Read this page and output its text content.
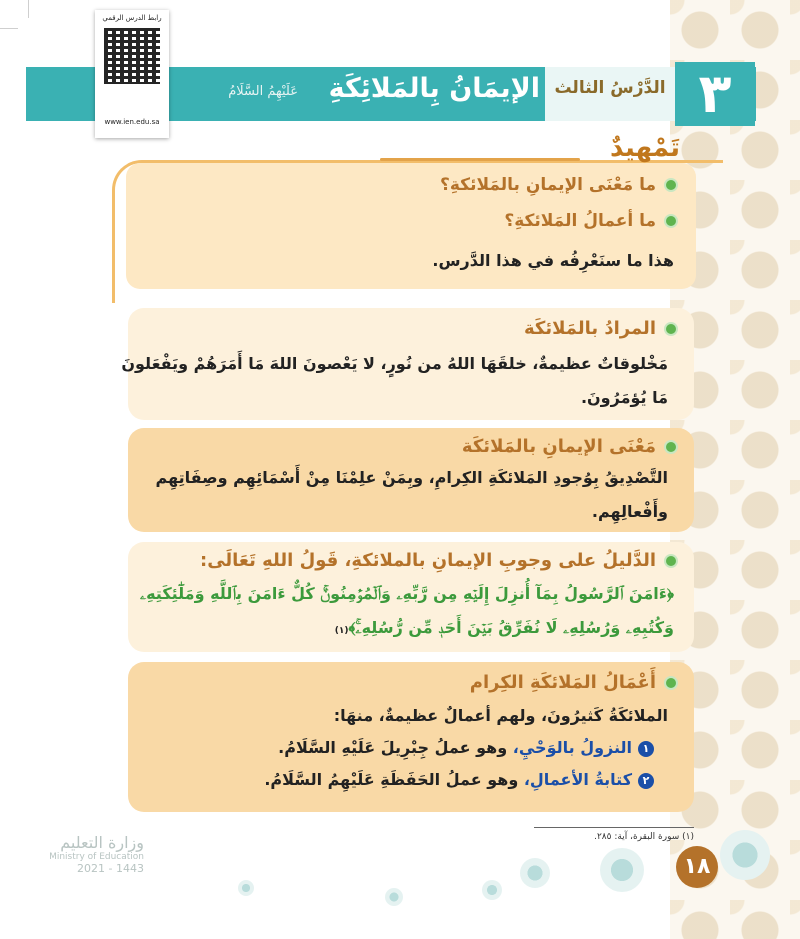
٣
الدَّرْسُ الثالث
الإيمَانُ بِالمَلائِكَةِ
عَلَيْهِمُ السَّلَامُ
رابط الدرس الرقمي
www.ien.edu.sa
تَمْهِيدٌ
ما مَعْنَى الإيمانِ بالمَلائكةِ؟
ما أعمالُ المَلائكةِ؟
هذا ما سنَعْرِفُه في هذا الدَّرس.
المرادُ بالمَلائكَة
مَخْلوقاتٌ عظيمةٌ، خلقَهَا اللهُ من نُورٍ، لا يَعْصونَ اللهَ مَا أَمَرَهُمْ ويَفْعَلونَ
مَا يُؤمَرُونَ.
مَعْنَى الإيمانِ بالمَلائكَة
التَّصْدِيقُ بِوُجودِ المَلائكَةِ الكِرامِ، وبِمَنْ علِمْنَا مِنْ أَسْمَائِهِم وصِفَاتِهِم
وأَفْعالِهِم.
الدَّليلُ على وجوبِ الإيمانِ بالملائكةِ، قَولُ اللهِ تَعَالَى:
﴿ءَامَنَ ٱلرَّسُولُ بِمَآ أُنزِلَ إِلَيۡهِ مِن رَّبِّهِۦ وَٱلۡمُؤۡمِنُونَۚ كُلٌّ ءَامَنَ بِٱللَّهِ وَمَلَٰٓئِكَتِهِۦ
وَكُتُبِهِۦ وَرُسُلِهِۦ لَا نُفَرِّقُ بَيۡنَ أَحَدٖ مِّن رُّسُلِهِۦۚ﴾(١)
أَعْمَالُ المَلائكَةِ الكِرام
الملائكَةُ كَثيرُونَ، ولهم أعمالٌ عظيمةٌ، منهَا:
١النزولُ بالوَحْيِ، وهو عملُ جِبْرِيلَ عَلَيْهِ السَّلَامُ.
٢كتابةُ الأعمالِ، وهو عملُ الحَفَظَةِ عَلَيْهِمُ السَّلَامُ.
(١) سورة البقرة، آية: ٢٨٥.
١٨
وزارة التعليم
Ministry of Education
2021 - 1443
